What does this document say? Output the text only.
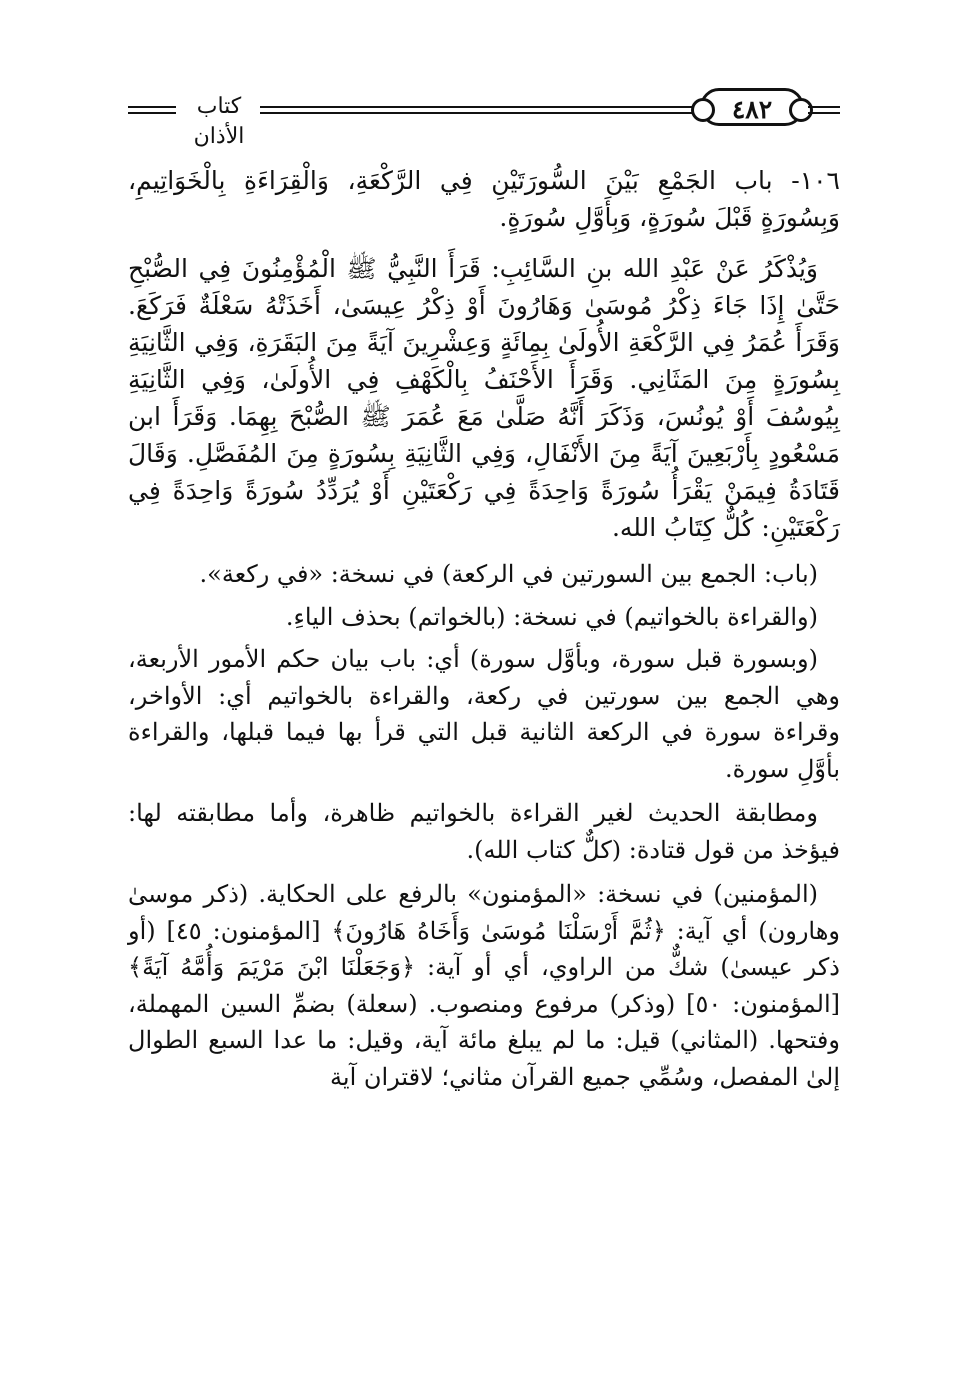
كتاب الأذان
٤٨٢

١٠٦- باب الجَمْعِ بَيْنَ السُّورَتَيْنِ فِي الرَّكْعَةِ، وَالْقِرَاءَةِ بِالْخَوَاتِيمِ، وَبِسُورَةٍ قَبْلَ سُورَةٍ، وَبِأَوَّلِ سُورَةٍ.

وَيُذْكَرُ عَنْ عَبْدِ الله بنِ السَّائِبِ: قَرَأَ النَّبِيُّ ﷺ الْمُؤْمِنُونَ فِي الصُّبْحِ حَتَّىٰ إِذَا جَاءَ ذِكْرُ مُوسَىٰ وَهَارُونَ أَوْ ذِكْرُ عِيسَىٰ، أَخَذَتْهُ سَعْلَةٌ فَرَكَعَ. وَقَرَأَ عُمَرُ فِي الرَّكْعَةِ الأُولَىٰ بِمِائَةٍ وَعِشْرِينَ آيَةً مِنَ البَقَرَةِ، وَفِي الثَّانِيَةِ بِسُورَةٍ مِنَ المَثَانِي. وَقَرَأَ الأَحْنَفُ بِالْكَهْفِ فِي الأُولَىٰ، وَفِي الثَّانِيَةِ بِيُوسُفَ أَوْ يُونُسَ، وَذَكَرَ أَنَّهُ صَلَّىٰ مَعَ عُمَرَ ﷺ الصُّبْحَ بِهِمَا. وَقَرَأَ ابن مَسْعُودٍ بِأَرْبَعِينَ آيَةً مِنَ الأَنْفَالِ، وَفِي الثَّانِيَةِ بِسُورَةٍ مِنَ المُفَصَّلِ. وَقَالَ قَتَادَةُ فِيمَنْ يَقْرَأُ سُورَةً وَاحِدَةً فِي رَكْعَتَيْنِ أَوْ يُرَدِّدُ سُورَةً وَاحِدَةً فِي رَكْعَتَيْنِ: كُلٌّ كِتَابُ الله.

(باب: الجمع بين السورتين في الركعة) في نسخة: «في ركعة».

(والقراءة بالخواتيم) في نسخة: (بالخواتم) بحذف الياءِ.

(وبسورة قبل سورة، وبأوَّل سورة) أي: باب بيان حكم الأمور الأربعة، وهي الجمع بين سورتين في ركعة، والقراءة بالخواتيم أي: الأواخر، وقراءة سورة في الركعة الثانية قبل التي قرأ بها فيما قبلها، والقراءة بأوَّلِ سورة.

ومطابقة الحديث لغير القراءة بالخواتيم ظاهرة، وأما مطابقته لها: فيؤخذ من قول قتادة: (كلٌّ كتاب الله).

(المؤمنين) في نسخة: «المؤمنون» بالرفع على الحكاية. (ذكر موسىٰ وهارون) أي آية: ﴿ثُمَّ أَرْسَلْنَا مُوسَىٰ وَأَخَاهُ هَارُونَ﴾ [المؤمنون: ٤٥] (أو ذكر عيسىٰ) شكٌّ من الراوي، أي أو آية: ﴿وَجَعَلْنَا ابْنَ مَرْيَمَ وَأُمَّهُ آيَةً﴾ [المؤمنون: ٥٠] (وذكر) مرفوع ومنصوب. (سعلة) بضمِّ السين المهملة، وفتحها. (المثاني) قيل: ما لم يبلغ مائة آية، وقيل: ما عدا السبع الطوال إلىٰ المفصل، وسُمِّي جميع القرآن مثاني؛ لاقتران آية
